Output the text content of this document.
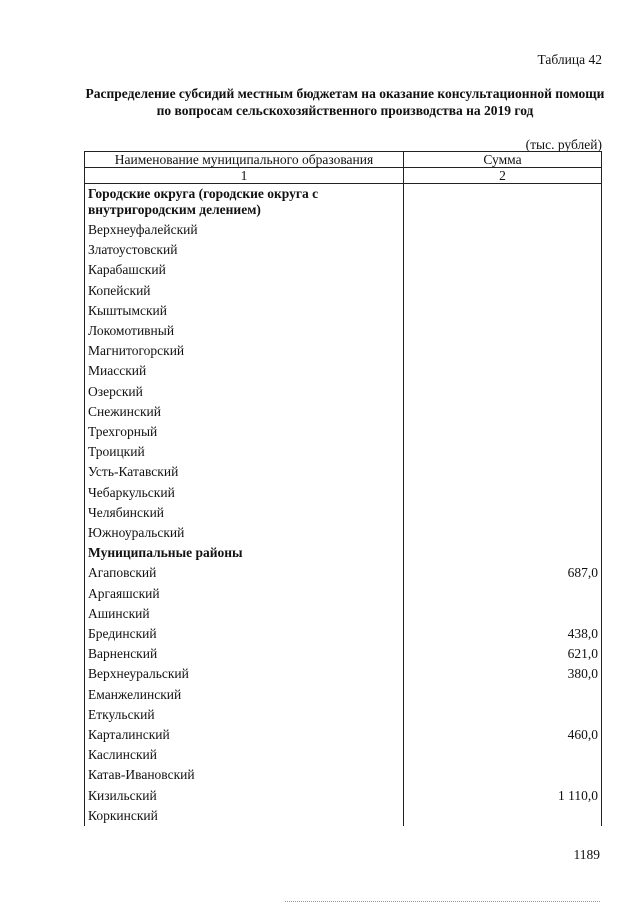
Таблица 42
Распределение субсидий местным бюджетам на оказание консультационной помощи по вопросам сельскохозяйственного производства на 2019 год
(тыс. рублей)
Наименование муниципального образования	Сумма
1	2
Городские округа (городские округа с внутригородским делением)	
Верхнеуфалейский	
Златоустовский	
Карабашский	
Копейский	
Кыштымский	
Локомотивный	
Магнитогорский	
Миасский	
Озерский	
Снежинский	
Трехгорный	
Троицкий	
Усть-Катавский	
Чебаркульский	
Челябинский	
Южноуральский	
Муниципальные районы	
Агаповский	687,0
Аргаяшский	
Ашинский	
Брединский	438,0
Варненский	621,0
Верхнеуральский	380,0
Еманжелинский	
Еткульский	
Карталинский	460,0
Каслинский	
Катав-Ивановский	
Кизильский	1 110,0
Коркинский	
1189
